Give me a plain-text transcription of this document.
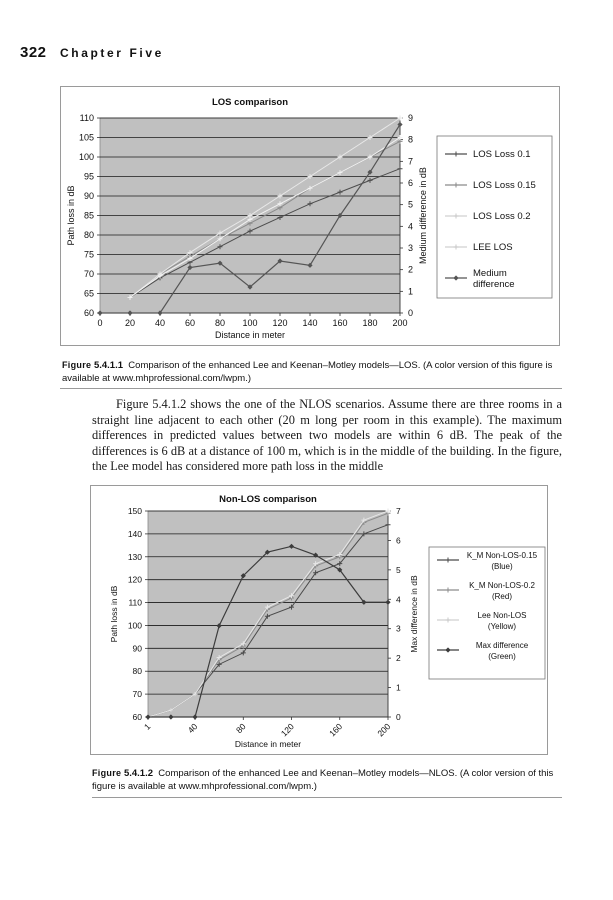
322 Chapter Five
LOS comparison
60
65
70
75
80
85
90
95
100
105
110
0
1
2
3
4
5
6
7
8
9
0 20 40 60 80 100 120 140 160 180 200
Distance in meter
Path loss in dB	Medium difference in dB
LOS Loss 0.1
LOS Loss 0.15
LOS Loss 0.2
LEE LOS
Medium difference
Figure 5.4.1.1 Comparison of the enhanced Lee and Keenan–Motley models—LOS. (A color version of this figure is available at www.mhprofessional.com/lwpm.)

Figure 5.4.1.2 shows the one of the NLOS scenarios. Assume there are three rooms in a straight line adjacent to each other (20 m long per room in this example). The maximum differences in predicted values between two models are within 6 dB. The peak of the differences is 6 dB at a distance of 100 m, which is in the middle of the building. In the figure, the Lee model has considered more path loss in the middle

Non-LOS comparison
60
70
80
90
100
110
120
130
140
150
0
1
2
3
4
5
6
7
1	40	80	120	160	200
Distance in meter
Path loss in dB	Max difference in dB
K_M Non-LOS-0.15 (Blue)
K_M Non-LOS-0.2 (Red)
Lee Non-LOS (Yellow)
Max difference (Green)
Figure 5.4.1.2 Comparison of the enhanced Lee and Keenan–Motley models—NLOS. (A color version of this figure is available at www.mhprofessional.com/lwpm.)
